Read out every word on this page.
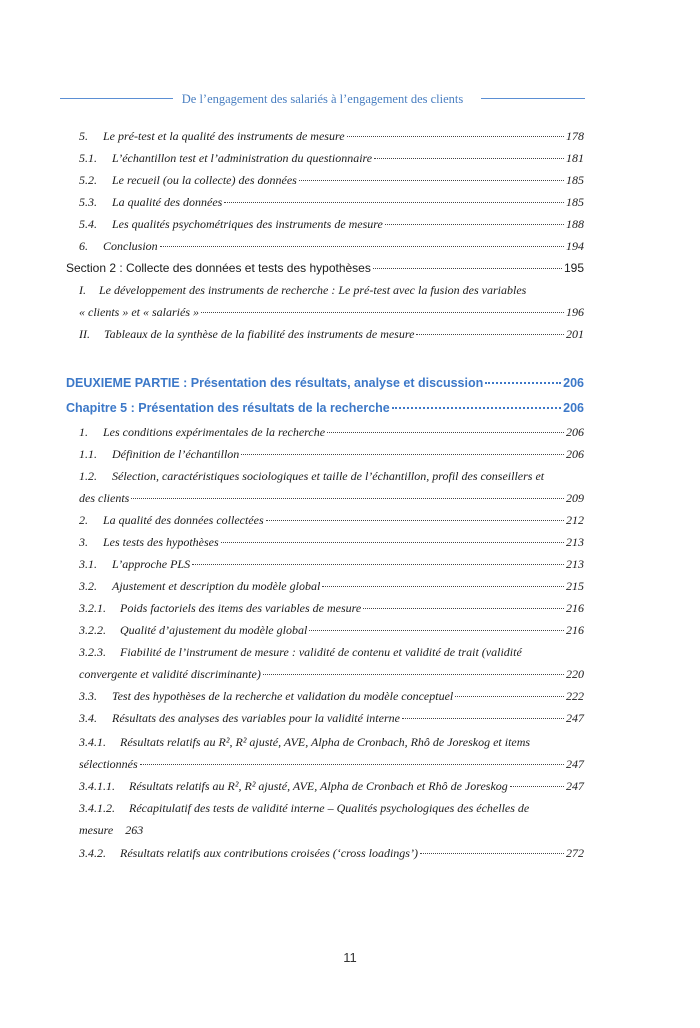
De l’engagement des salariés à l’engagement des clients
5.	Le pré-test et la qualité des instruments de mesure	178
5.1.	L’échantillon test et l’administration du questionnaire	181
5.2.	Le recueil (ou la collecte) des données	185
5.3.	La qualité des données	185
5.4.	Les qualités psychométriques des instruments de mesure	188
6.	Conclusion	194
Section 2 : Collecte des données et tests des hypothèses	195
I.	Le développement des instruments de recherche : Le pré-test avec la fusion des variables
« clients » et « salariés »	196
II.	Tableaux de la synthèse de la fiabilité des instruments de mesure	201
DEUXIEME PARTIE : Présentation des résultats, analyse et discussion	206
Chapitre 5 : Présentation des résultats de la recherche	206
1.	Les conditions expérimentales de la recherche	206
1.1.	Définition de l’échantillon	206
1.2.	Sélection, caractéristiques sociologiques et taille de l’échantillon, profil des conseillers et
des clients	209
2.	La qualité des données collectées	212
3.	Les tests des hypothèses	213
3.1.	L’approche PLS	213
3.2.	Ajustement et description du modèle global	215
3.2.1.	Poids factoriels des items des variables de mesure	216
3.2.2.	Qualité d’ajustement du modèle global	216
3.2.3.	Fiabilité de l’instrument de mesure : validité de contenu et validité de trait (validité
convergente et validité discriminante)	220
3.3.	Test des hypothèses de la recherche et validation du modèle conceptuel	222
3.4.	Résultats des analyses des variables pour la validité interne	247
3.4.1.	Résultats relatifs au R², R² ajusté, AVE, Alpha de Cronbach, Rhô de Joreskog et items
sélectionnés	247
3.4.1.1.	Résultats relatifs au R², R² ajusté, AVE, Alpha de Cronbach et Rhô de Joreskog	247
3.4.1.2.	Récapitulatif des tests de validité interne – Qualités psychologiques des échelles de
mesure    263
3.4.2.	Résultats relatifs aux contributions croisées (‘cross loadings’)	272
11
